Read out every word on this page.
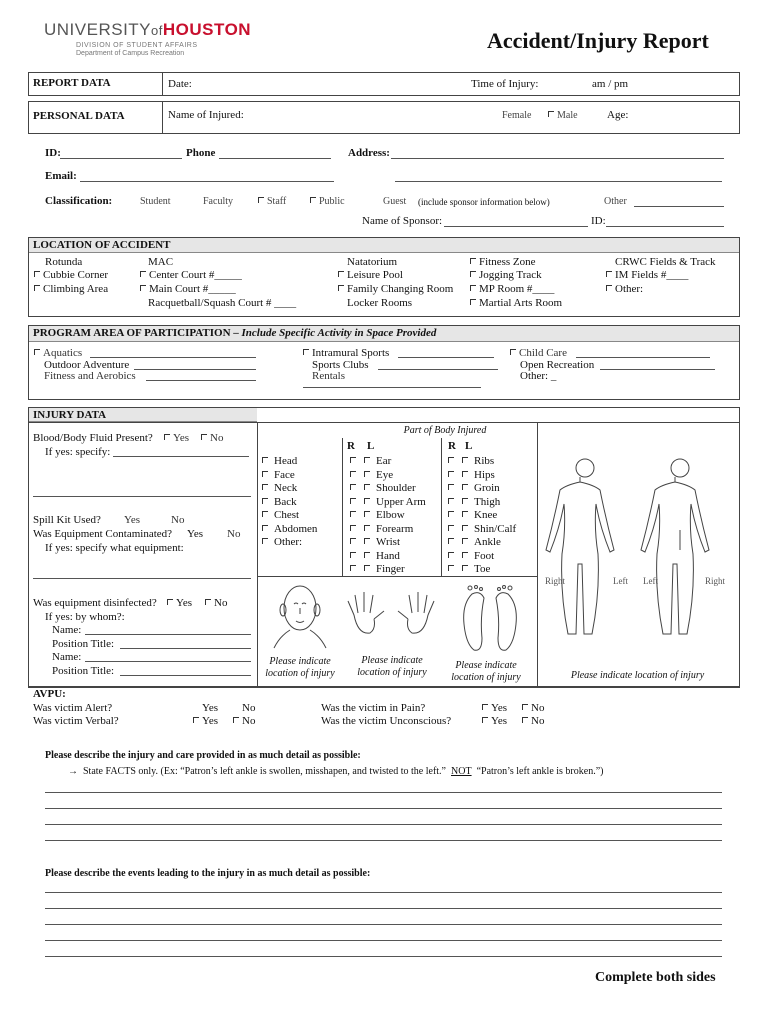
UNIVERSITYofHOUSTON
DIVISION OF STUDENT AFFAIRS
Department of Campus Recreation
Accident/Injury Report
REPORT DATA	Date:	Time of Injury:	am / pm
PERSONAL DATA	Name of Injured:	Female	Male	Age:
ID:	Phone	Address:
Email:
Classification:	Student	Faculty	Staff	Public	Guest (include sponsor information below)	Other
Name of Sponsor:	ID:
LOCATION OF ACCIDENT
Rotunda
Cubbie Corner
Climbing Area
MAC
Center Court #_____
Main Court #_____
Racquetball/Squash Court # ____
Natatorium
Leisure Pool
Family Changing Room
Locker Rooms
Fitness Zone
Jogging Track
MP Room #____
Martial Arts Room
CRWC Fields & Track
IM Fields #____
Other:
PROGRAM AREA OF PARTICIPATION – Include Specific Activity in Space Provided
Aquatics
Outdoor Adventure
Fitness and Aerobics
Intramural Sports
Sports Clubs
Rentals
Child Care
Open Recreation
Other: _
INJURY DATA
Blood/Body Fluid Present?	Yes	No
If yes: specify:
Spill Kit Used? Yes	No
Was Equipment Contaminated? Yes No
If yes: specify what equipment:
Was equipment disinfected?	Yes	No
If yes: by whom?:
Name:
Position Title:
Name:
Position Title:
Part of Body Injured
R L	R L
Head
Face
Neck
Back
Chest
Abdomen
Other:
Ear
Eye
Shoulder
Upper Arm
Elbow
Forearm
Wrist
Hand
Finger
Ribs
Hips
Groin
Thigh
Knee
Shin/Calf
Ankle
Foot
Toe
Please indicate
location of injury
Please indicate
location of injury
Please indicate
location of injury
Right	Left Left	Right
Please indicate location of injury
AVPU:
Was victim Alert?	Yes No
Was victim Verbal?	Yes	No
Was the victim in Pain?	Yes	No
Was the victim Unconscious?	Yes	No
Please describe the injury and care provided in as much detail as possible:
→ State FACTS only. (Ex: “Patron’s left ankle is swollen, misshapen, and twisted to the left.” NOT “Patron’s left ankle is broken.”)
Please describe the events leading to the injury in as much detail as possible:
Complete both sides
